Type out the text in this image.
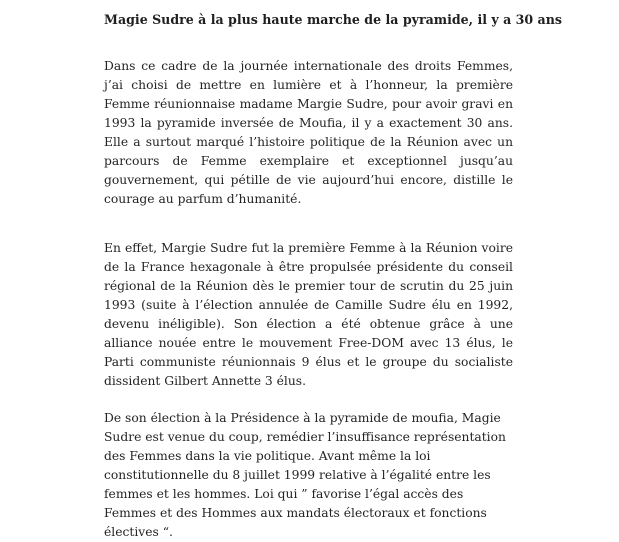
Magie Sudre à la plus haute marche de la pyramide, il y a 30 ans

Dans ce cadre de la journée internationale des droits Femmes, j’ai choisi de mettre en lumière et à l’honneur, la première Femme réunionnaise madame Margie Sudre, pour avoir gravi en 1993 la pyramide inversée de Moufia, il y a exactement 30 ans. Elle a surtout marqué l’histoire politique de la Réunion avec un parcours de Femme exemplaire et exceptionnel jusqu’au gouvernement, qui pétille de vie aujourd’hui encore, distille le courage au parfum d’humanité.

En effet, Margie Sudre fut la première Femme à la Réunion voire de la France hexagonale à être propulsée présidente du conseil régional de la Réunion dès le premier tour de scrutin du 25 juin 1993 (suite à l’élection annulée de Camille Sudre élu en 1992, devenu inéligible). Son élection a été obtenue grâce à une alliance nouée entre le mouvement Free-DOM avec 13 élus, le Parti communiste réunionnais 9 élus et le groupe du socialiste dissident Gilbert Annette 3 élus.

De son élection à la Présidence à la pyramide de moufia, Magie Sudre est venue du coup, remédier l’insuffisance représentation des Femmes dans la vie politique. Avant même la loi constitutionnelle du 8 juillet 1999 relative à l’égalité entre les femmes et les hommes. Loi qui ” favorise l’égal accès des Femmes et des Hommes aux mandats électoraux et fonctions électives “.
